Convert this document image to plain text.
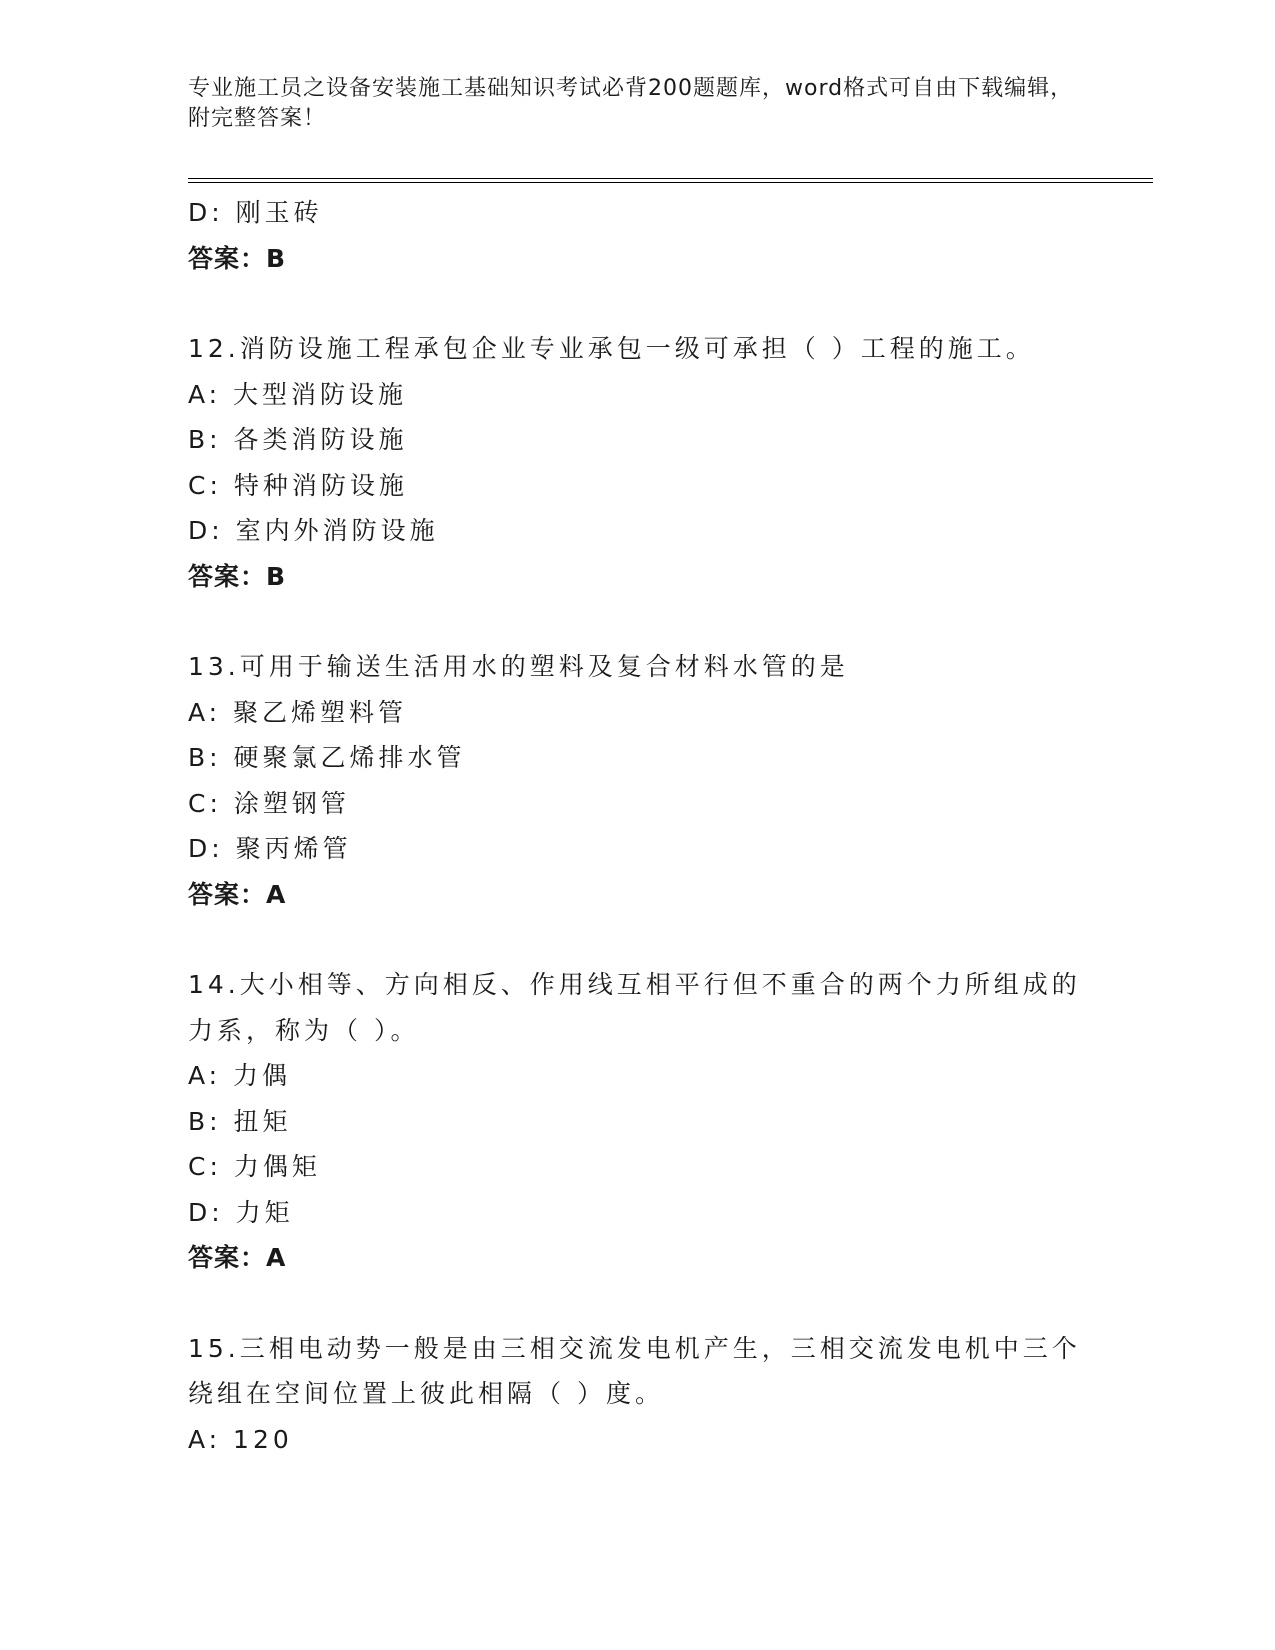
专业施工员之设备安装施工基础知识考试必背200题题库，word格式可自由下载编辑，附完整答案！
D: 刚玉砖
答案：B
12.消防设施工程承包企业专业承包一级可承担（ ）工程的施工。
A: 大型消防设施
B: 各类消防设施
C: 特种消防设施
D: 室内外消防设施
答案：B
13.可用于输送生活用水的塑料及复合材料水管的是
A: 聚乙烯塑料管
B: 硬聚氯乙烯排水管
C: 涂塑钢管
D: 聚丙烯管
答案：A
14.大小相等、方向相反、作用线互相平行但不重合的两个力所组成的力系，称为（ ）。
A: 力偶
B: 扭矩
C: 力偶矩
D: 力矩
答案：A
15.三相电动势一般是由三相交流发电机产生，三相交流发电机中三个绕组在空间位置上彼此相隔（ ）度。
A: 120
